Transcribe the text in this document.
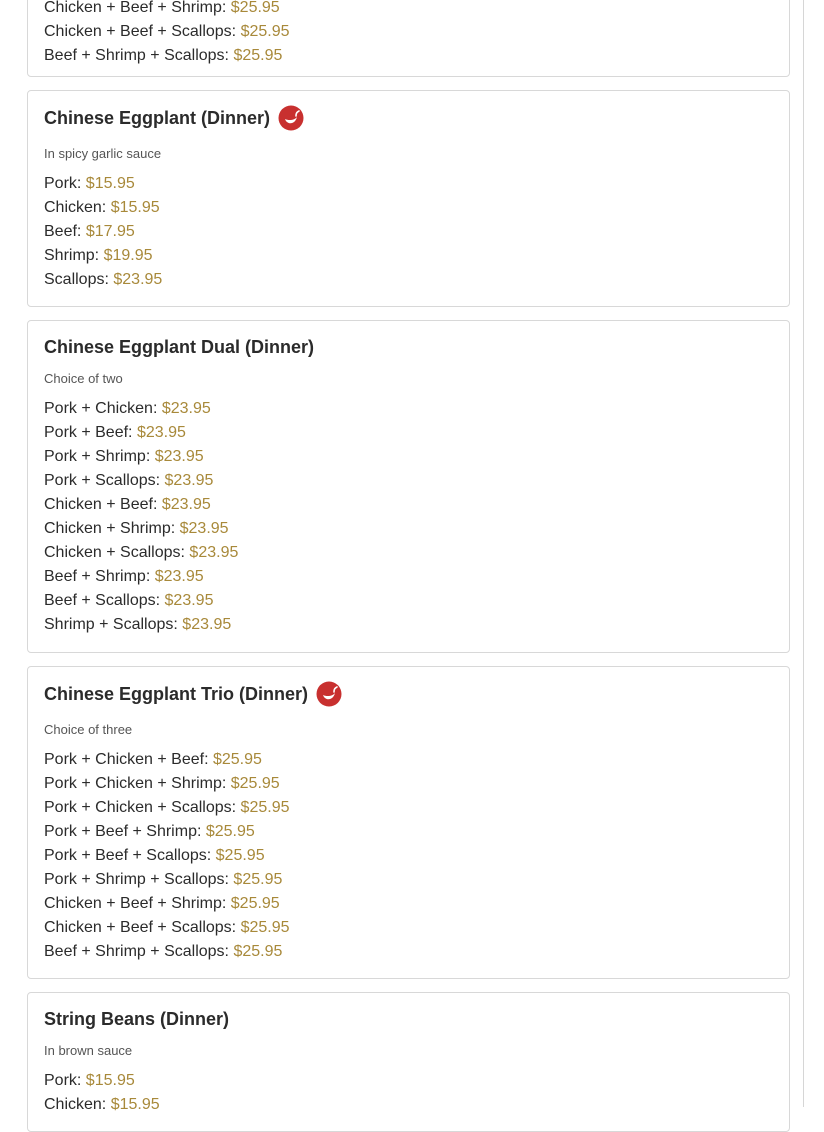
Chicken + Beef + Shrimp: $25.95
Chicken + Beef + Scallops: $25.95
Beef + Shrimp + Scallops: $25.95
Chinese Eggplant (Dinner)

In spicy garlic sauce

Pork: $15.95
Chicken: $15.95
Beef: $17.95
Shrimp: $19.95
Scallops: $23.95
Chinese Eggplant Dual (Dinner)

Choice of two

Pork + Chicken: $23.95
Pork + Beef: $23.95
Pork + Shrimp: $23.95
Pork + Scallops: $23.95
Chicken + Beef: $23.95
Chicken + Shrimp: $23.95
Chicken + Scallops: $23.95
Beef + Shrimp: $23.95
Beef + Scallops: $23.95
Shrimp + Scallops: $23.95
Chinese Eggplant Trio (Dinner)

Choice of three

Pork + Chicken + Beef: $25.95
Pork + Chicken + Shrimp: $25.95
Pork + Chicken + Scallops: $25.95
Pork + Beef + Shrimp: $25.95
Pork + Beef + Scallops: $25.95
Pork + Shrimp + Scallops: $25.95
Chicken + Beef + Shrimp: $25.95
Chicken + Beef + Scallops: $25.95
Beef + Shrimp + Scallops: $25.95
String Beans (Dinner)

In brown sauce

Pork: $15.95
Chicken: $15.95
